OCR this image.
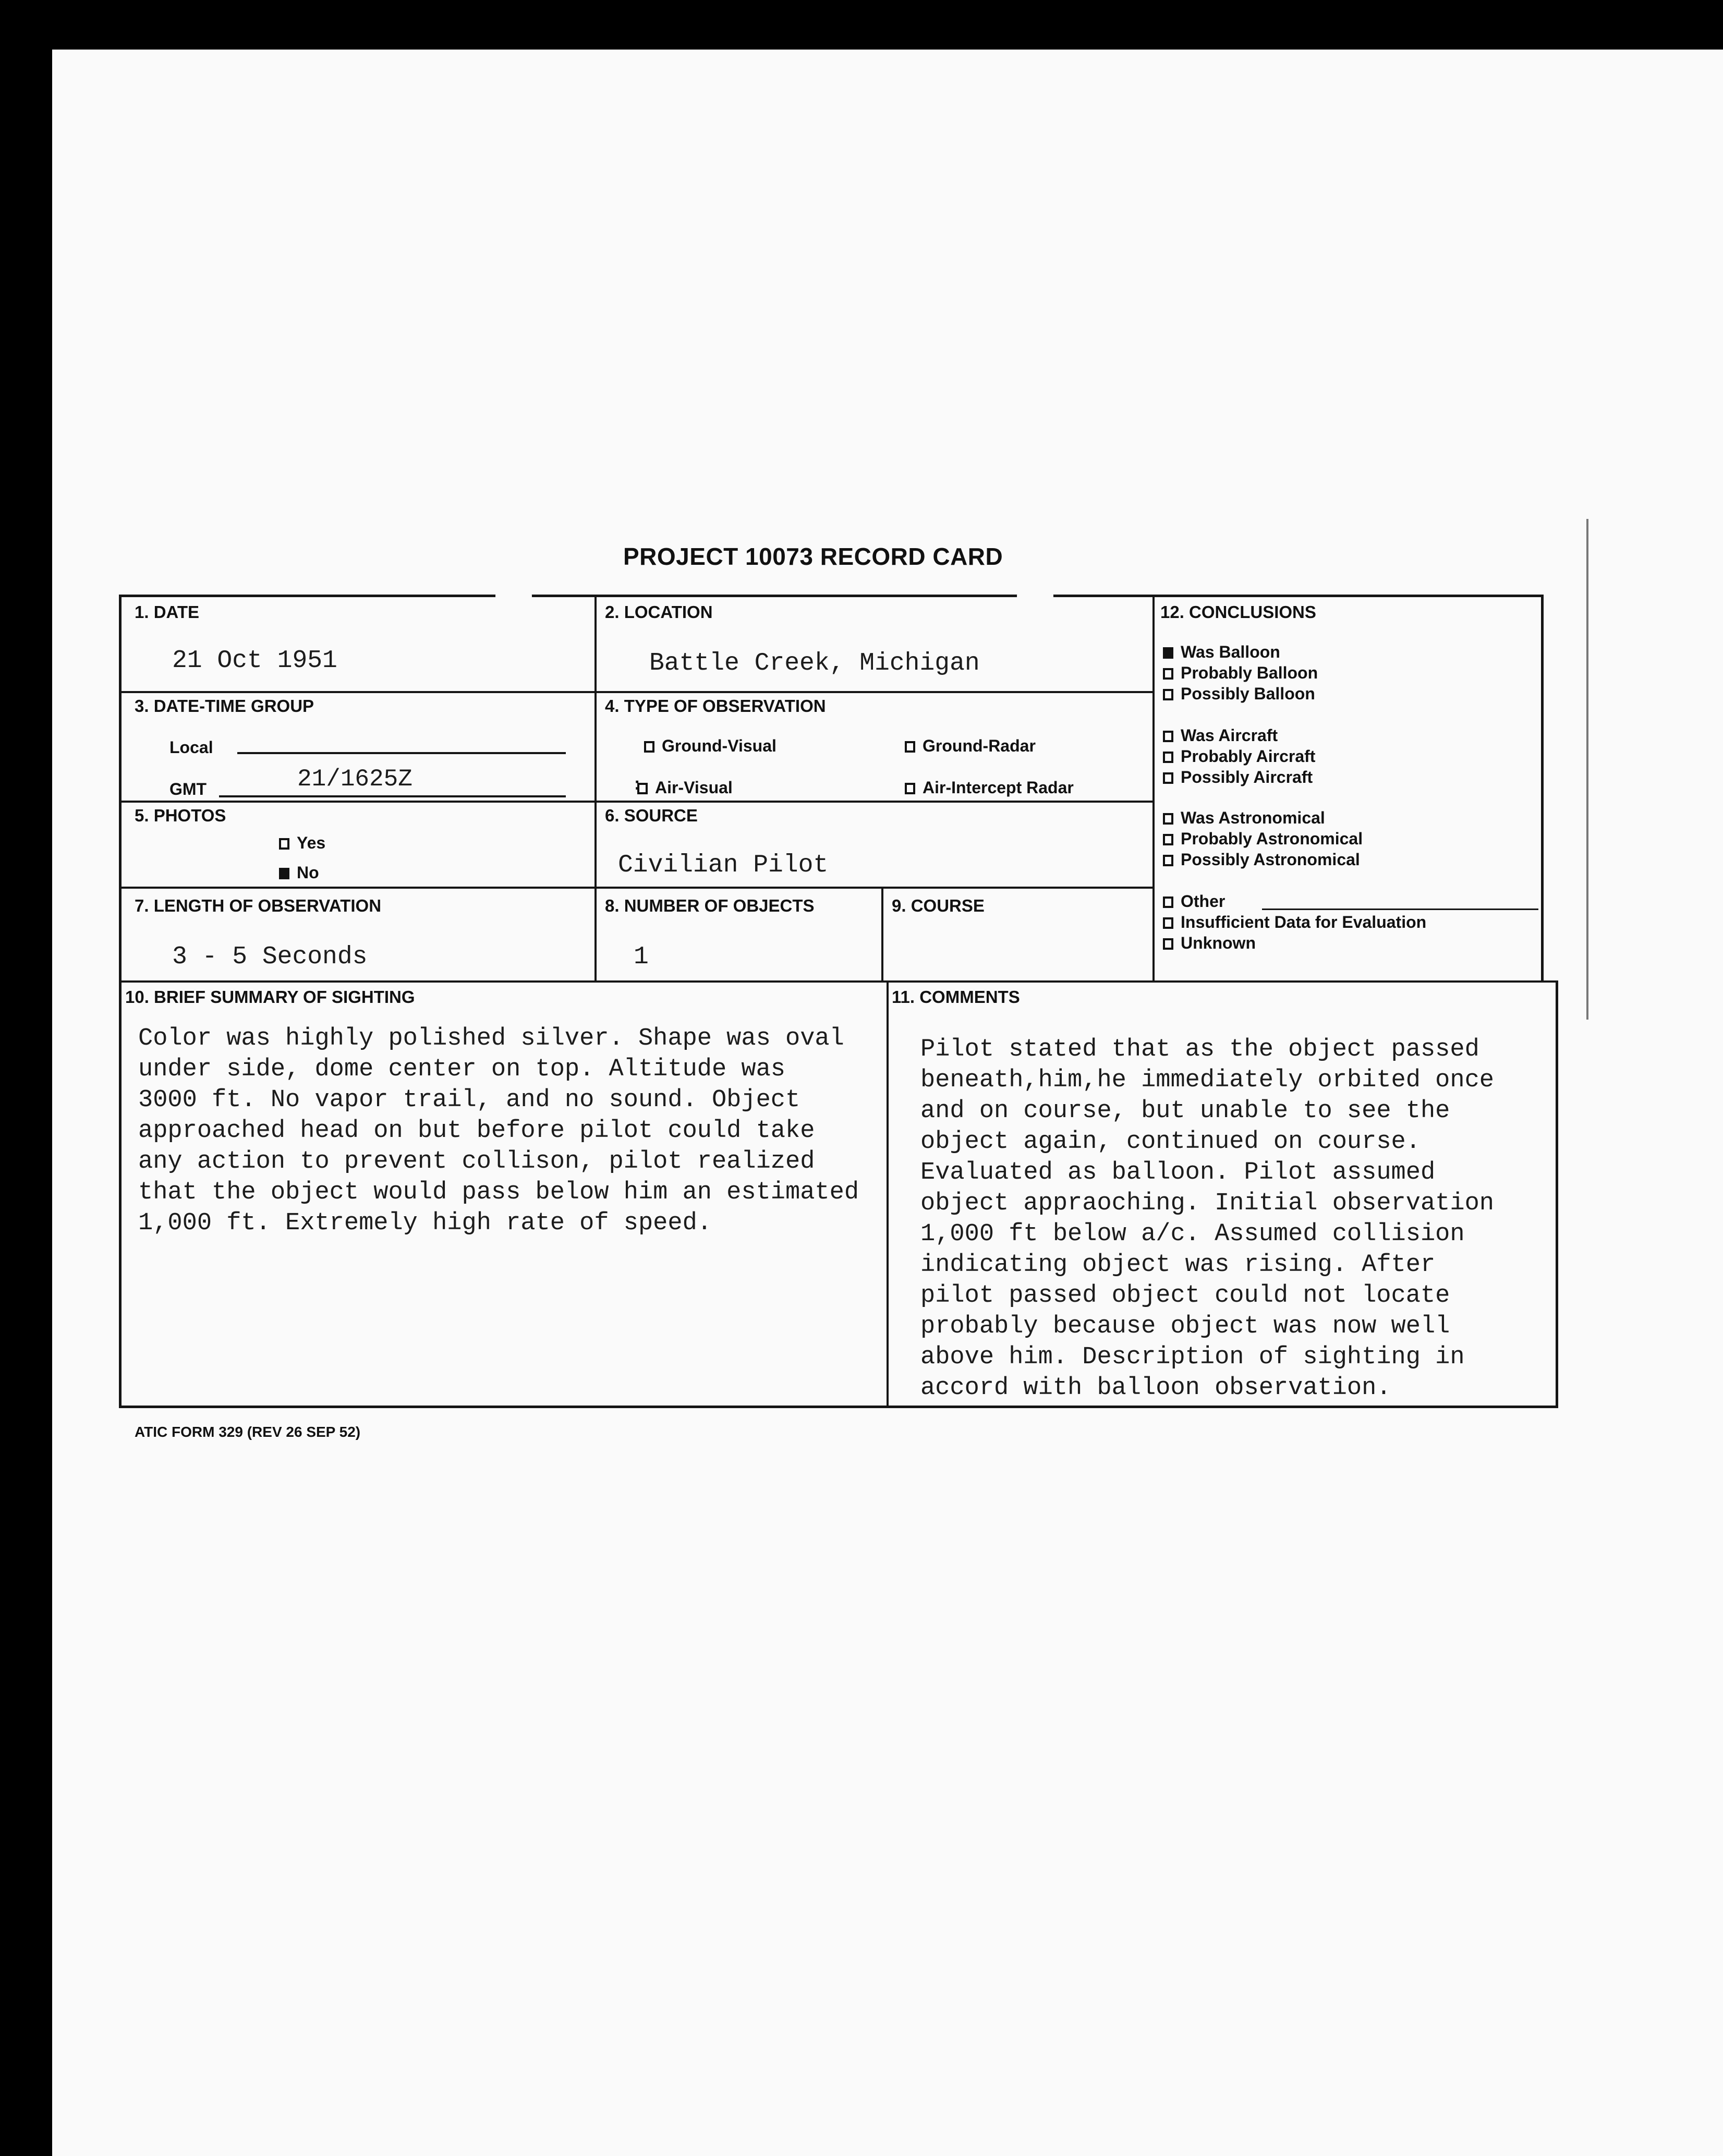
PROJECT 10073 RECORD CARD
1. DATE
21 Oct 1951
2. LOCATION
Battle Creek, Michigan
3. DATE-TIME GROUP
Local
GMT	21/1625Z
4. TYPE OF OBSERVATION
Ground-Visual	Ground-Radar
: Air-Visual	Air-Intercept Radar
5. PHOTOS
Yes
No
6. SOURCE
Civilian Pilot
7. LENGTH OF OBSERVATION
3 - 5 Seconds
8. NUMBER OF OBJECTS
1
9. COURSE
12. CONCLUSIONS
Was Balloon
Probably Balloon
Possibly Balloon
Was Aircraft
Probably Aircraft
Possibly Aircraft
Was Astronomical
Probably Astronomical
Possibly Astronomical
Other
Insufficient Data for Evaluation
Unknown
10. BRIEF SUMMARY OF SIGHTING
Color was highly polished silver. Shape was oval
under side, dome center on top. Altitude was
3000 ft. No vapor trail, and no sound. Object
approached head on but before pilot could take
any action to prevent collison, pilot realized
that the object would pass below him an estimated
1,000 ft. Extremely high rate of speed.
11. COMMENTS
Pilot stated that as the object passed
beneath,him,he immediately orbited once
and on course, but unable to see the
object again, continued on course.
Evaluated as balloon. Pilot assumed
object appraoching. Initial observation
1,000 ft below a/c. Assumed collision
indicating object was rising. After
pilot passed object could not locate
probably because object was now well
above him. Description of sighting in
accord with balloon observation.
ATIC FORM 329 (REV 26 SEP 52)
